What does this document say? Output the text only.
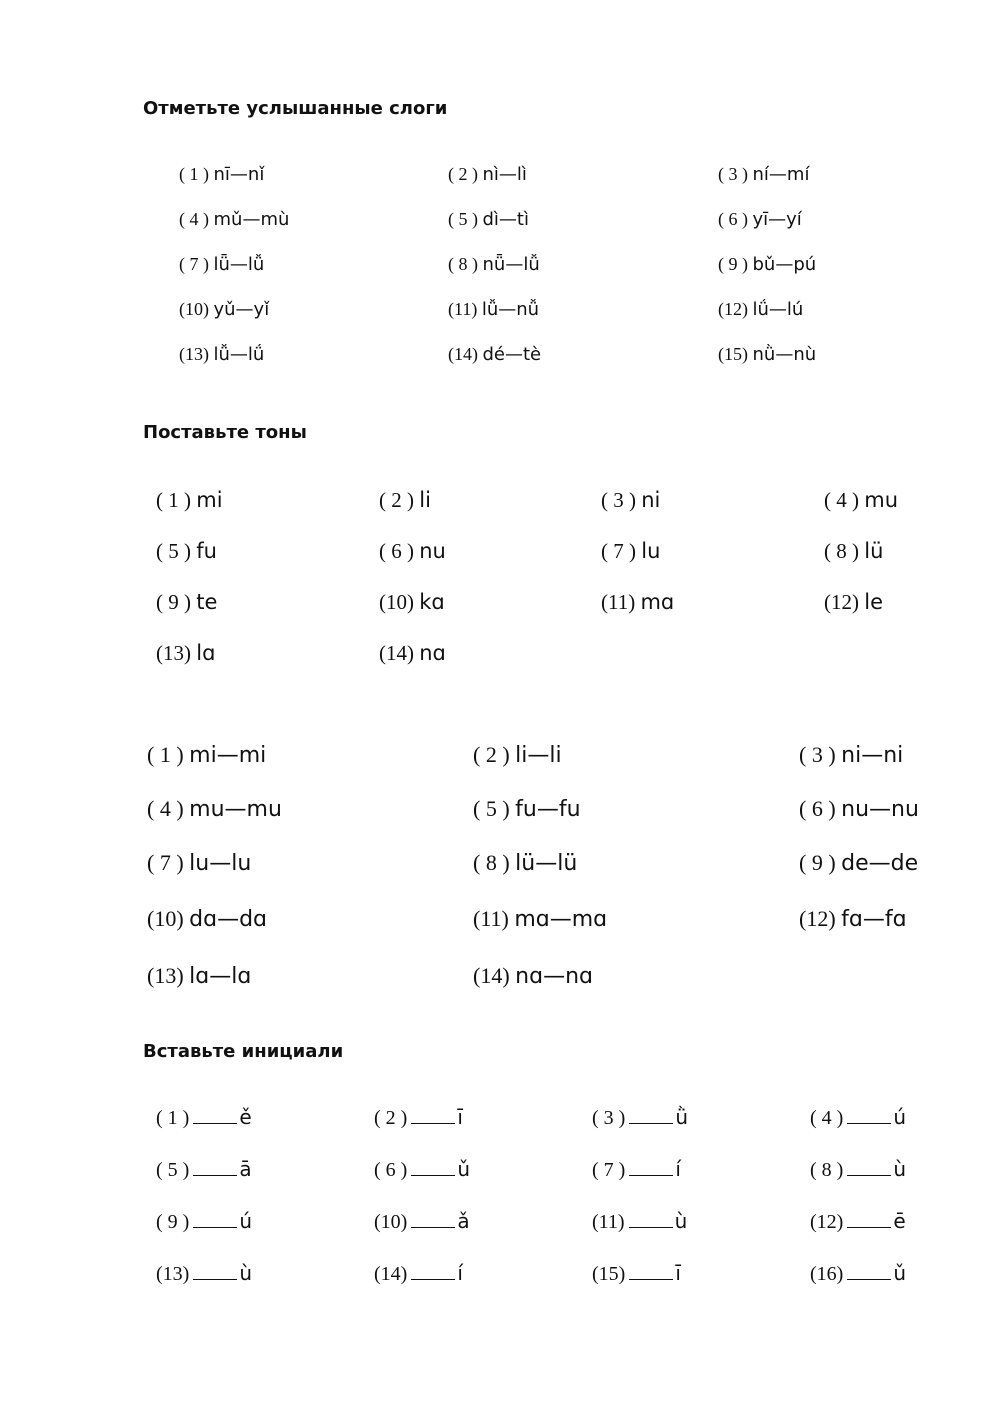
Отметьте услышанные слоги
( 1 ) nī—nǐ	( 2 ) nì—lì	( 3 ) ní—mí
( 4 ) mǔ—mù	( 5 ) dì—tì	( 6 ) yī—yí
( 7 ) lǖ—lǚ	( 8 ) nǖ—lǚ	( 9 ) bǔ—pú
(10) yǔ—yǐ	(11) lǚ—nǚ	(12) lǘ—lú
(13) lǚ—lǘ	(14) dé—tè	(15) nǜ—nù
Поставьте тоны
( 1 ) mi	( 2 ) li	( 3 ) ni	( 4 ) mu
( 5 ) fu	( 6 ) nu	( 7 ) lu	( 8 ) lü
( 9 ) te	(10) kɑ	(11) mɑ	(12) le
(13) lɑ	(14) nɑ
( 1 ) mi—mi	( 2 ) li—li	( 3 ) ni—ni
( 4 ) mu—mu	( 5 ) fu—fu	( 6 ) nu—nu
( 7 ) lu—lu	( 8 ) lü—lü	( 9 ) de—de
(10) dɑ—dɑ	(11) mɑ—mɑ	(12) fɑ—fɑ
(13) lɑ—lɑ	(14) nɑ—nɑ
Вставьте инициали
( 1 )	ě	( 2 )	ī	( 3 )	ǜ	( 4 )	ú
( 5 )	ā	( 6 )	ǔ	( 7 )	í	( 8 )	ù
( 9 )	ú	(10)	ǎ	(11)	ù	(12)	ē
(13)	ù	(14)	í	(15)	ī	(16)	ǔ
